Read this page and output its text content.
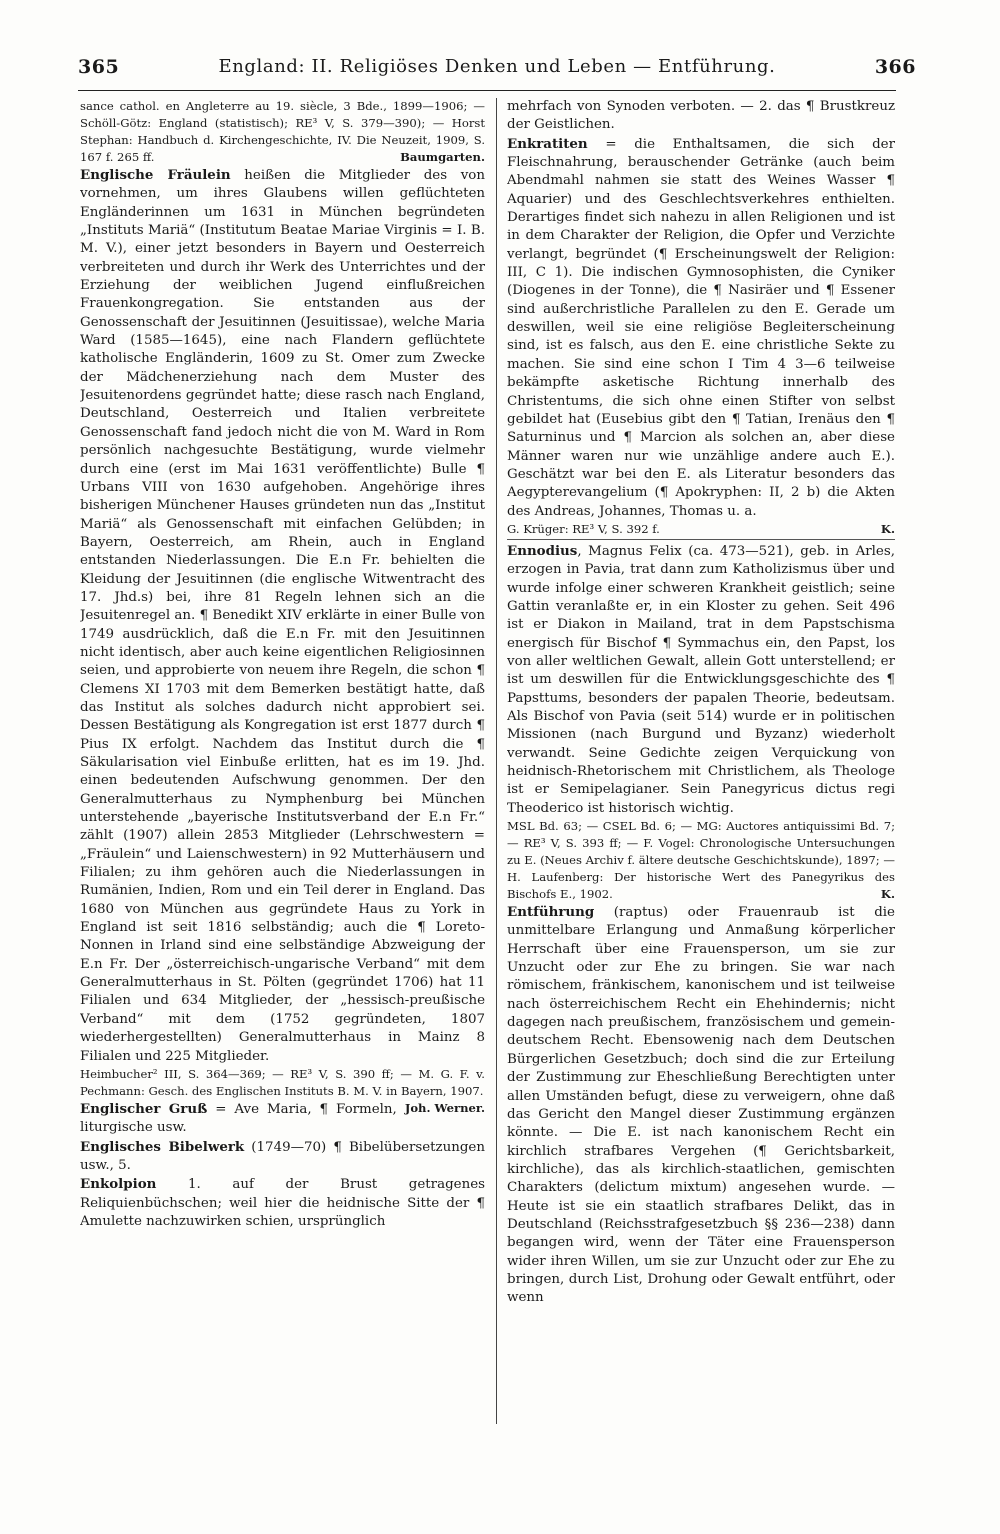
365	England: II. Religiöses Denken und Leben — Entführung.	366

sance cathol. en Angleterre au 19. siècle, 3 Bde., 1899—1906; — Schöll-Götz: England (statistisch); RE³ V, S. 379—390); — Horst Stephan: Handbuch d. Kirchengeschichte, IV. Die Neuzeit, 1909, S. 167 f. 265 ff.	Baumgarten.

Englische Fräulein heißen die Mitglieder des von vornehmen, um ihres Glaubens willen geflüchteten Engländerinnen um 1631 in München begründeten „Instituts Mariä“ (Institutum Beatae Mariae Virginis = I. B. M. V.), einer jetzt besonders in Bayern und Oesterreich verbreiteten und durch ihr Werk des Unterrichtes und der Erziehung der weiblichen Jugend einflußreichen Frauenkongregation. Sie entstanden aus der Genossenschaft der Jesuitinnen (Jesuitissae), welche Maria Ward (1585—1645), eine nach Flandern geflüchtete katholische Engländerin, 1609 zu St. Omer zum Zwecke der Mädchenerziehung nach dem Muster des Jesuitenordens gegründet hatte; diese rasch nach England, Deutschland, Oesterreich und Italien verbreitete Genossenschaft fand jedoch nicht die von M. Ward in Rom persönlich nachgesuchte Bestätigung, wurde vielmehr durch eine (erst im Mai 1631 veröffentlichte) Bulle ¶ Urbans VIII von 1630 aufgehoben. Angehörige ihres bisherigen Münchener Hauses gründeten nun das „Institut Mariä“ als Genossenschaft mit einfachen Gelübden; in Bayern, Oesterreich, am Rhein, auch in England entstanden Niederlassungen. Die E.n Fr. behielten die Kleidung der Jesuitinnen (die englische Witwentracht des 17. Jhd.s) bei, ihre 81 Regeln lehnen sich an die Jesuitenregel an. ¶ Benedikt XIV erklärte in einer Bulle von 1749 ausdrücklich, daß die E.n Fr. mit den Jesuitinnen nicht identisch, aber auch keine eigentlichen Religiosinnen seien, und approbierte von neuem ihre Regeln, die schon ¶ Clemens XI 1703 mit dem Bemerken bestätigt hatte, daß das Institut als solches dadurch nicht approbiert sei. Dessen Bestätigung als Kongregation ist erst 1877 durch ¶ Pius IX erfolgt. Nachdem das Institut durch die ¶ Säkularisation viel Einbuße erlitten, hat es im 19. Jhd. einen bedeutenden Aufschwung genommen. Der den Generalmutterhaus zu Nymphenburg bei München unterstehende „bayerische Institutsverband der E.n Fr.“ zählt (1907) allein 2853 Mitglieder (Lehrschwestern = „Fräulein“ und Laienschwestern) in 92 Mutterhäusern und Filialen; zu ihm gehören auch die Niederlassungen in Rumänien, Indien, Rom und ein Teil derer in England. Das 1680 von München aus gegründete Haus zu York in England ist seit 1816 selbständig; auch die ¶ Loreto-Nonnen in Irland sind eine selbständige Abzweigung der E.n Fr. Der „österreichisch-ungarische Verband“ mit dem Generalmutterhaus in St. Pölten (gegründet 1706) hat 11 Filialen und 634 Mitglieder, der „hessisch-preußische Verband“ mit dem (1752 gegründeten, 1807 wiederhergestellten) Generalmutterhaus in Mainz 8 Filialen und 225 Mitglieder.

Heimbucher² III, S. 364—369; — RE³ V, S. 390 ff; — M. G. F. v. Pechmann: Gesch. des Englischen Instituts B. M. V. in Bayern, 1907.
Joh. Werner.

Englischer Gruß = Ave Maria, ¶ Formeln, liturgische usw.

Englisches Bibelwerk (1749—70) ¶ Bibelübersetzungen usw., 5.

Enkolpion 1. auf der Brust getragenes Reliquienbüchschen; weil hier die heidnische Sitte der ¶ Amulette nachzuwirken schien, ursprünglich

mehrfach von Synoden verboten. — 2. das ¶ Brustkreuz der Geistlichen.

Enkratiten = die Enthaltsamen, die sich der Fleischnahrung, berauschender Getränke (auch beim Abendmahl nahmen sie statt des Weines Wasser ¶ Aquarier) und des Geschlechtsverkehres enthielten. Derartiges findet sich nahezu in allen Religionen und ist in dem Charakter der Religion, die Opfer und Verzichte verlangt, begründet (¶ Erscheinungswelt der Religion: III, C 1). Die indischen Gymnosophisten, die Cyniker (Diogenes in der Tonne), die ¶ Nasiräer und ¶ Essener sind außerchristliche Parallelen zu den E. Gerade um deswillen, weil sie eine religiöse Begleiterscheinung sind, ist es falsch, aus den E. eine christliche Sekte zu machen. Sie sind eine schon I Tim 4 3—6 teilweise bekämpfte asketische Richtung innerhalb des Christentums, die sich ohne einen Stifter von selbst gebildet hat (Eusebius gibt den ¶ Tatian, Irenäus den ¶ Saturninus und ¶ Marcion als solchen an, aber diese Männer waren nur wie unzählige andere auch E.). Geschätzt war bei den E. als Literatur besonders das Aegypterevangelium (¶ Apokryphen: II, 2 b) die Akten des Andreas, Johannes, Thomas u. a.

G. Krüger: RE³ V, S. 392 f.	K.

Ennodius, Magnus Felix (ca. 473—521), geb. in Arles, erzogen in Pavia, trat dann zum Katholizismus über und wurde infolge einer schweren Krankheit geistlich; seine Gattin veranlaßte er, in ein Kloster zu gehen. Seit 496 ist er Diakon in Mailand, trat in dem Papstschisma energisch für Bischof ¶ Symmachus ein, den Papst, los von aller weltlichen Gewalt, allein Gott unterstellend; er ist um deswillen für die Entwicklungsgeschichte des ¶ Papsttums, besonders der papalen Theorie, bedeutsam. Als Bischof von Pavia (seit 514) wurde er in politischen Missionen (nach Burgund und Byzanz) wiederholt verwandt. Seine Gedichte zeigen Verquickung von heidnisch-Rhetorischem mit Christlichem, als Theologe ist er Semipelagianer. Sein Panegyricus dictus regi Theoderico ist historisch wichtig.

MSL Bd. 63; — CSEL Bd. 6; — MG: Auctores antiquissimi Bd. 7; — RE³ V, S. 393 ff; — F. Vogel: Chronologische Untersuchungen zu E. (Neues Archiv f. ältere deutsche Geschichtskunde), 1897; — H. Laufenberg: Der historische Wert des Panegyrikus des Bischofs E., 1902.	K.

Entführung (raptus) oder Frauenraub ist die unmittelbare Erlangung und Anmaßung körperlicher Herrschaft über eine Frauensperson, um sie zur Unzucht oder zur Ehe zu bringen. Sie war nach römischem, fränkischem, kanonischem und ist teilweise nach österreichischem Recht ein Ehehindernis; nicht dagegen nach preußischem, französischem und gemein-deutschem Recht. Ebensowenig nach dem Deutschen Bürgerlichen Gesetzbuch; doch sind die zur Erteilung der Zustimmung zur Eheschließung Berechtigten unter allen Umständen befugt, diese zu verweigern, ohne daß das Gericht den Mangel dieser Zustimmung ergänzen könnte. — Die E. ist nach kanonischem Recht ein kirchlich strafbares Vergehen (¶ Gerichtsbarkeit, kirchliche), das als kirchlich-staatlichen, gemischten Charakters (delictum mixtum) angesehen wurde. — Heute ist sie ein staatlich strafbares Delikt, das in Deutschland (Reichsstrafgesetzbuch §§ 236—238) dann begangen wird, wenn der Täter eine Frauensperson wider ihren Willen, um sie zur Unzucht oder zur Ehe zu bringen, durch List, Drohung oder Gewalt entführt, oder wenn
